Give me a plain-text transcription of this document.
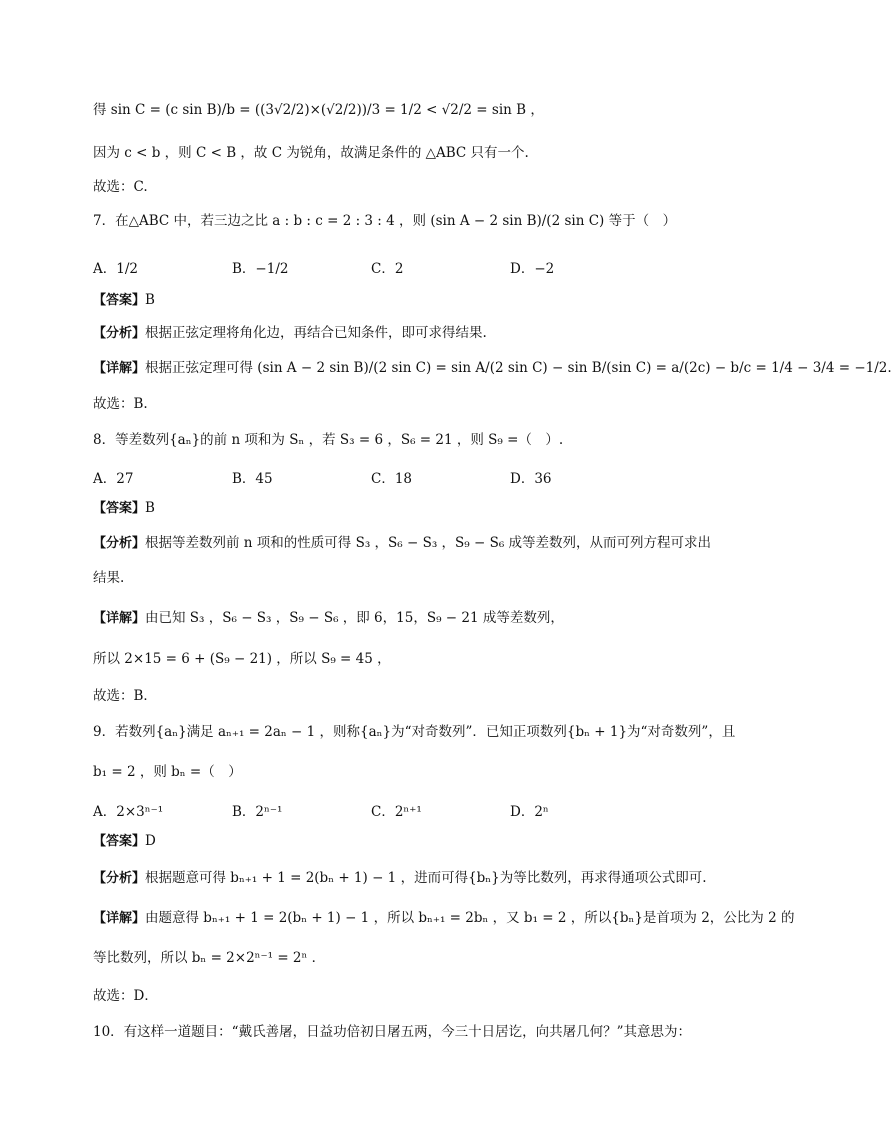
得 sin C = (c sin B)/b = ((3√2/2)×(√2/2))/3 = 1/2 < √2/2 = sin B ，
因为 c < b ，则 C < B ，故 C 为锐角，故满足条件的 △ABC 只有一个.
故选：C.
7．在△ABC 中，若三边之比 a : b : c = 2 : 3 : 4 ，则 (sin A − 2 sin B)/(2 sin C) 等于（　）
A．1/2	B．−1/2	C．2	D．−2
【答案】B
【分析】根据正弦定理将角化边，再结合已知条件，即可求得结果.
【详解】根据正弦定理可得 (sin A − 2 sin B)/(2 sin C) = sin A/(2 sin C) − sin B/(sin C) = a/(2c) − b/c = 1/4 − 3/4 = −1/2.
故选：B.
8．等差数列{aₙ}的前 n 项和为 Sₙ ，若 S₃ = 6 ，S₆ = 21 ，则 S₉ =（　）.
A．27	B．45	C．18	D．36
【答案】B
【分析】根据等差数列前 n 项和的性质可得 S₃ ，S₆ − S₃ ，S₉ − S₆ 成等差数列，从而可列方程可求出
结果.
【详解】由已知 S₃ ，S₆ − S₃ ，S₉ − S₆ ，即 6，15，S₉ − 21 成等差数列，
所以 2×15 = 6 + (S₉ − 21) ，所以 S₉ = 45 ，
故选：B．
9．若数列{aₙ}满足 aₙ₊₁ = 2aₙ − 1 ，则称{aₙ}为“对奇数列”．已知正项数列{bₙ + 1}为“对奇数列”，且
b₁ = 2 ，则 bₙ =（　）
A．2×3ⁿ⁻¹	B．2ⁿ⁻¹	C．2ⁿ⁺¹	D．2ⁿ
【答案】D
【分析】根据题意可得 bₙ₊₁ + 1 = 2(bₙ + 1) − 1 ，进而可得{bₙ}为等比数列，再求得通项公式即可.
【详解】由题意得 bₙ₊₁ + 1 = 2(bₙ + 1) − 1 ，所以 bₙ₊₁ = 2bₙ ，又 b₁ = 2 ，所以{bₙ}是首项为 2，公比为 2 的
等比数列，所以 bₙ = 2×2ⁿ⁻¹ = 2ⁿ ．
故选：D．
10．有这样一道题目：“戴氏善屠，日益功倍初日屠五两，今三十日居讫，向共屠几何？”其意思为：
